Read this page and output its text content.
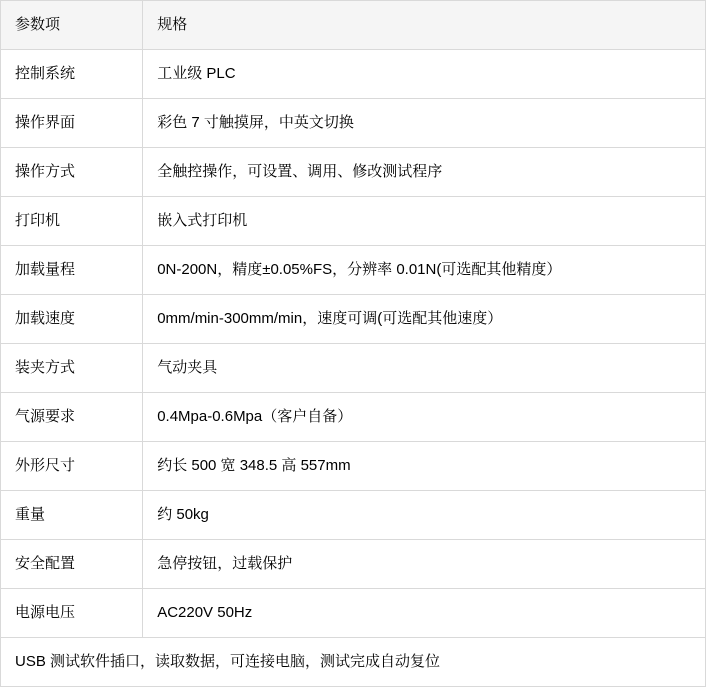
参数项	规格
控制系统	工业级 PLC
操作界面	彩色 7 寸触摸屏，中英文切换
操作方式	全触控操作，可设置、调用、修改测试程序
打印机	嵌入式打印机
加载量程	0N-200N，精度±0.05%FS，分辨率 0.01N(可选配其他精度）
加载速度	0mm/min-300mm/min，速度可调(可选配其他速度）
装夹方式	气动夹具
气源要求	0.4Mpa-0.6Mpa（客户自备）
外形尺寸	约长 500 宽 348.5 高 557mm
重量	约 50kg
安全配置	急停按钮，过载保护
电源电压	AC220V 50Hz
USB 测试软件插口，读取数据，可连接电脑，测试完成自动复位	
